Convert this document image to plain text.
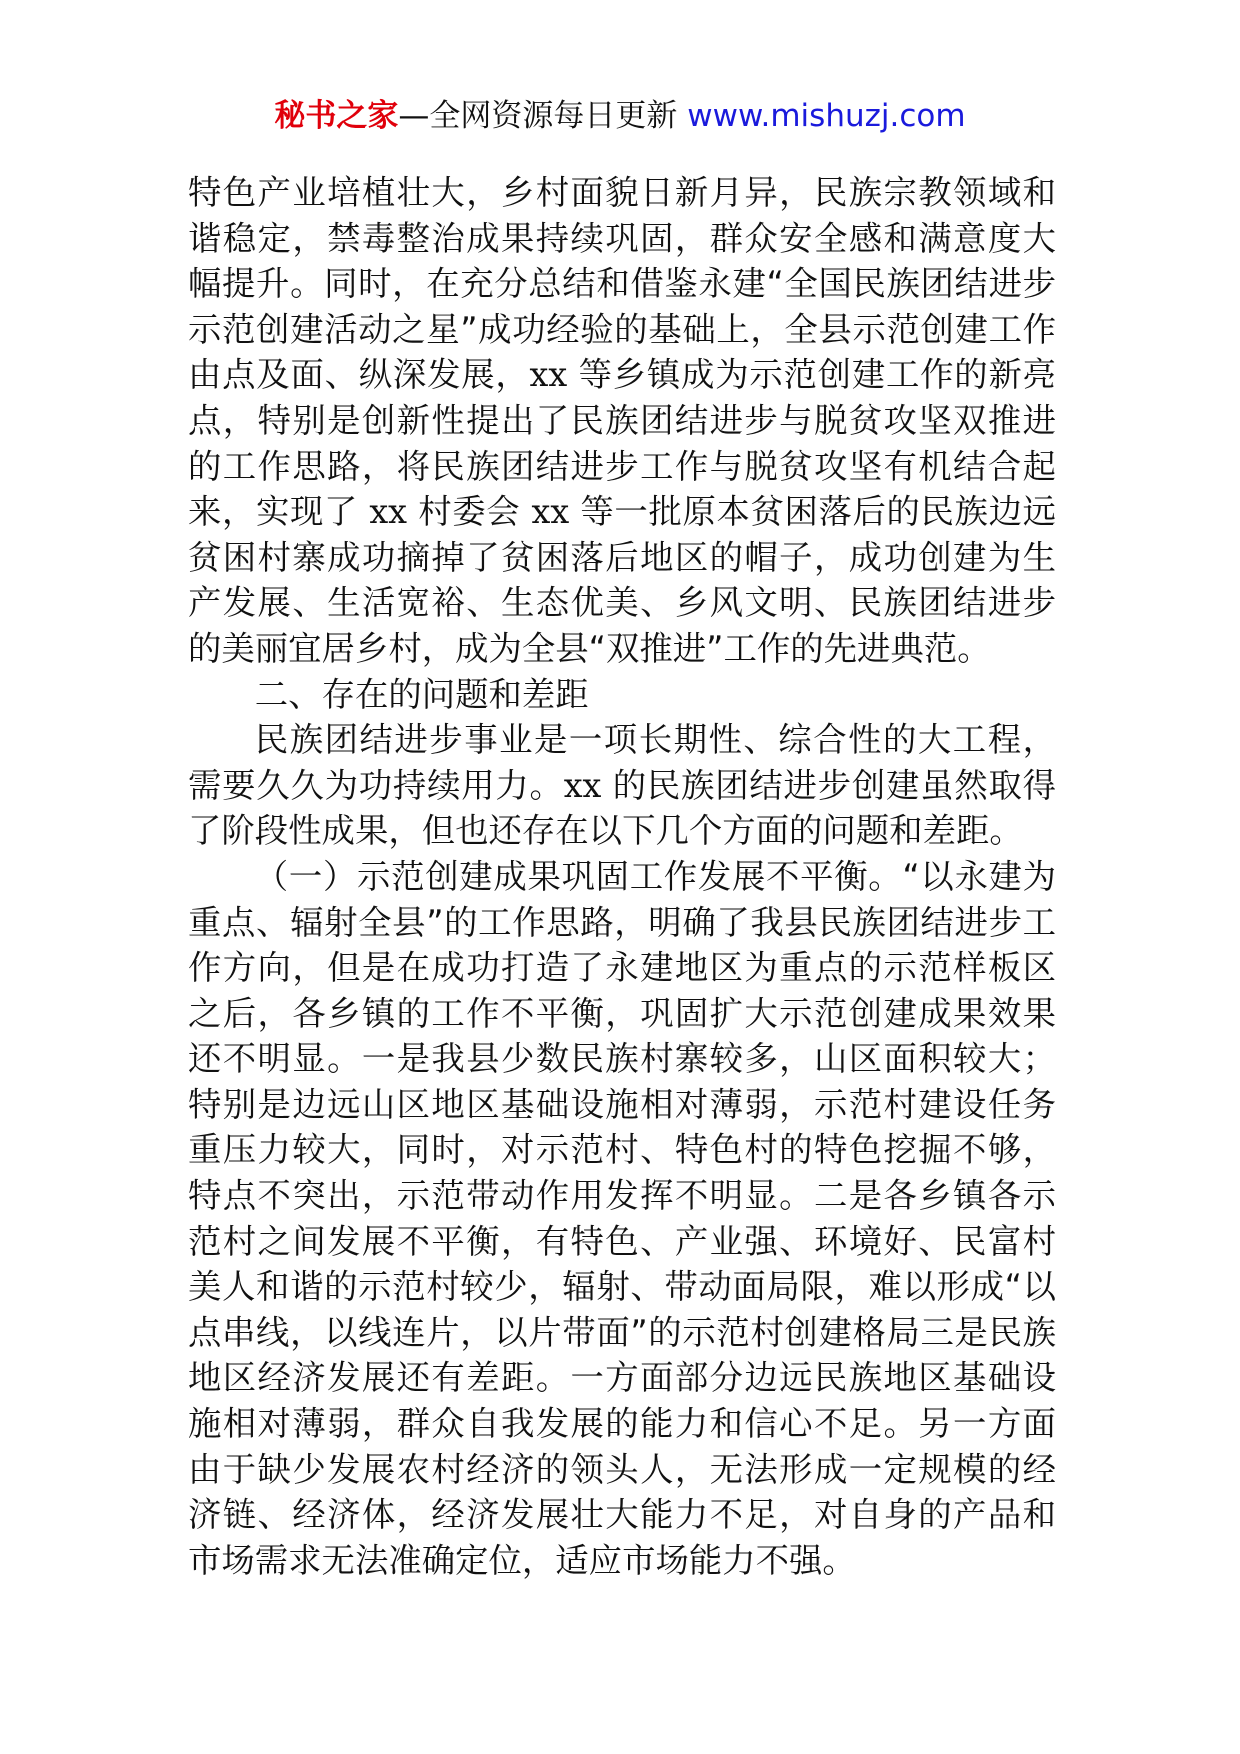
秘书之家—全网资源每日更新 www.mishuzj.com

特色产业培植壮大，乡村面貌日新月异，民族宗教领域和谐稳定，禁毒整治成果持续巩固，群众安全感和满意度大幅提升。同时，在充分总结和借鉴永建“全国民族团结进步示范创建活动之星”成功经验的基础上，全县示范创建工作由点及面、纵深发展，xx 等乡镇成为示范创建工作的新亮点，特别是创新性提出了民族团结进步与脱贫攻坚双推进的工作思路，将民族团结进步工作与脱贫攻坚有机结合起来，实现了 xx 村委会 xx 等一批原本贫困落后的民族边远贫困村寨成功摘掉了贫困落后地区的帽子，成功创建为生产发展、生活宽裕、生态优美、乡风文明、民族团结进步的美丽宜居乡村，成为全县“双推进”工作的先进典范。

二、存在的问题和差距

民族团结进步事业是一项长期性、综合性的大工程，需要久久为功持续用力。xx 的民族团结进步创建虽然取得了阶段性成果，但也还存在以下几个方面的问题和差距。

（一）示范创建成果巩固工作发展不平衡。“以永建为重点、辐射全县”的工作思路，明确了我县民族团结进步工作方向，但是在成功打造了永建地区为重点的示范样板区之后，各乡镇的工作不平衡，巩固扩大示范创建成果效果还不明显。一是我县少数民族村寨较多，山区面积较大；特别是边远山区地区基础设施相对薄弱，示范村建设任务重压力较大，同时，对示范村、特色村的特色挖掘不够，特点不突出，示范带动作用发挥不明显。二是各乡镇各示范村之间发展不平衡，有特色、产业强、环境好、民富村美人和谐的示范村较少，辐射、带动面局限，难以形成“以点串线，以线连片，以片带面”的示范村创建格局三是民族地区经济发展还有差距。一方面部分边远民族地区基础设施相对薄弱，群众自我发展的能力和信心不足。另一方面由于缺少发展农村经济的领头人，无法形成一定规模的经济链、经济体，经济发展壮大能力不足，对自身的产品和市场需求无法准确定位，适应市场能力不强。
